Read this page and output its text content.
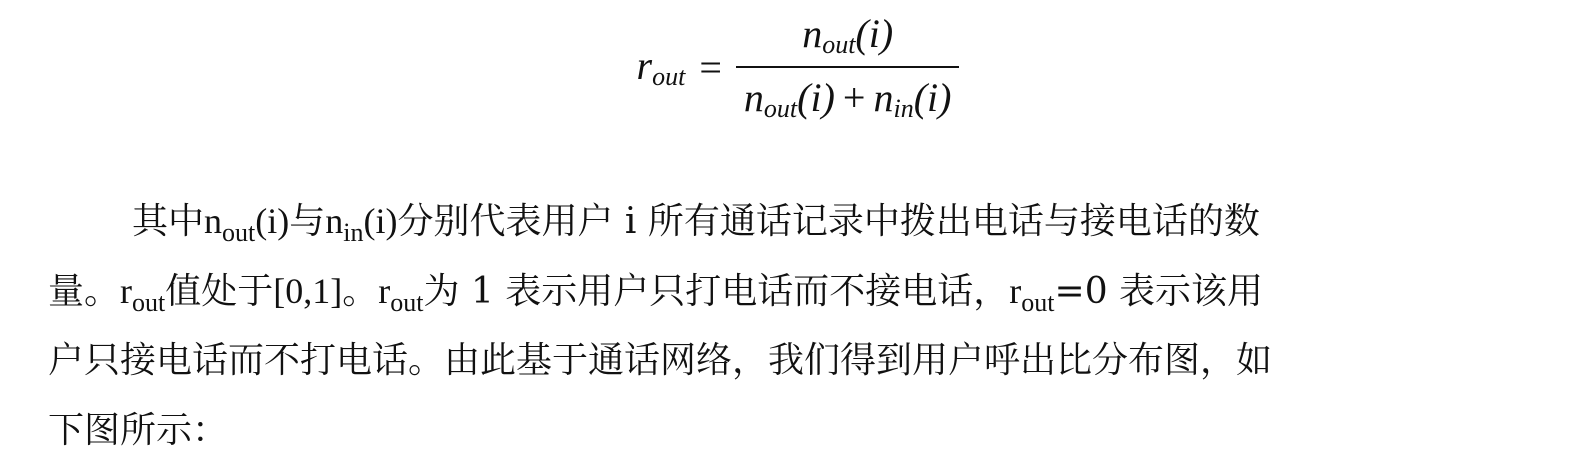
$r_{out} = \frac{n_{out}(i)}{n_{out}(i) + n_{in}(i)}$
其中$n_{out}(i)$与$n_{in}(i)$分别代表用户 i 所有通话记录中拨出电话与接电话的数
量。$r_{out}$值处于[0,1]。$r_{out}$为 1 表示用户只打电话而不接电话，$r_{out}=0$ 表示该用
户只接电话而不打电话。由此基于通话网络，我们得到用户呼出比分布图，如
下图所示：
